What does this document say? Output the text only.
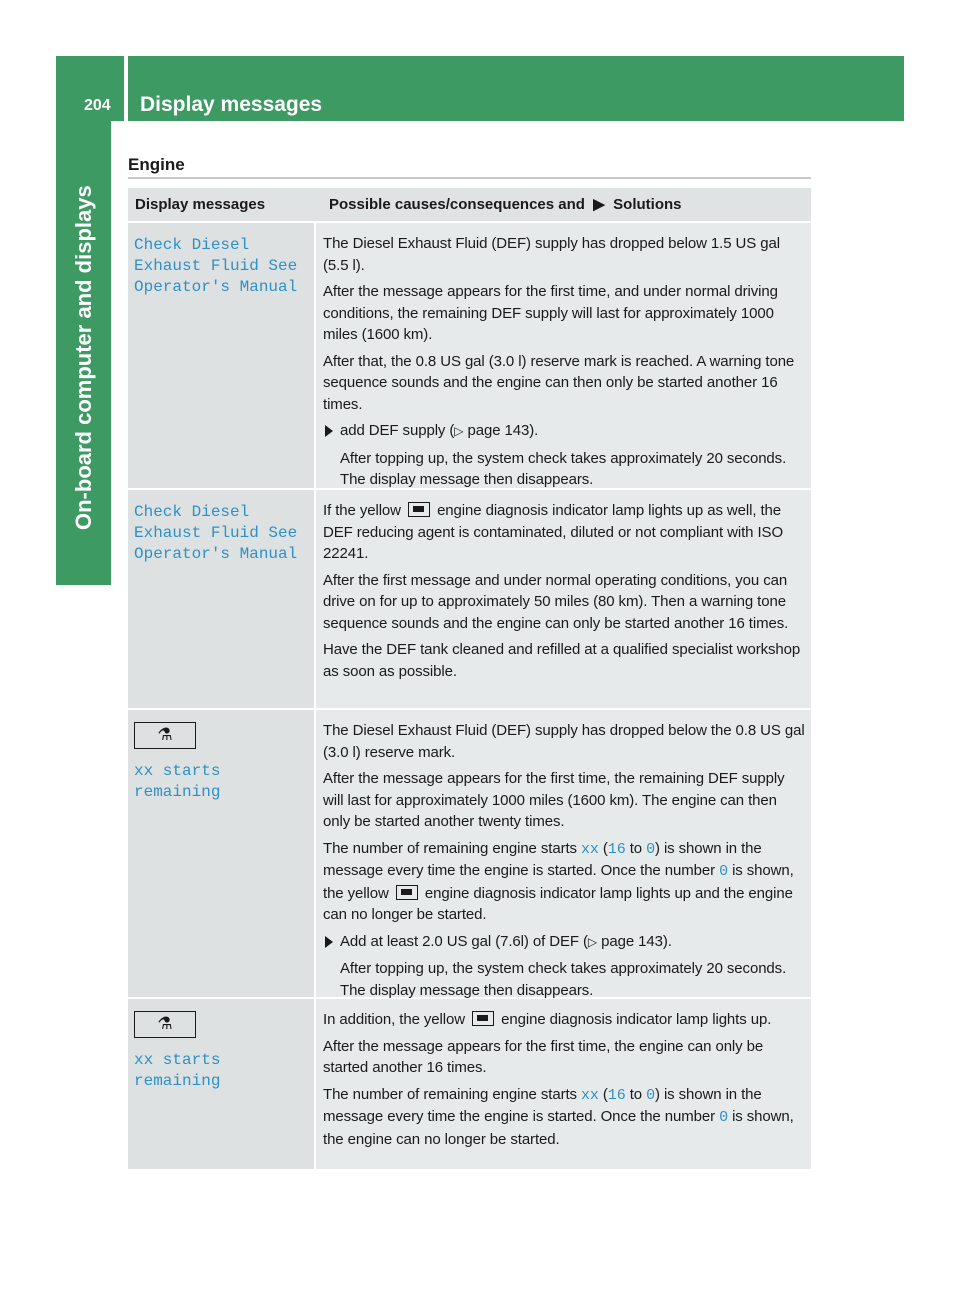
204 Display messages
On-board computer and displays
Engine
Display messages	Possible causes/consequences and  ▶  Solutions
Check Diesel
Exhaust Fluid See
Operator's Manual

The Diesel Exhaust Fluid (DEF) supply has dropped below 1.5 US gal (5.5 l).

After the message appears for the first time, and under normal driving conditions, the remaining DEF supply will last for approximately 1000 miles (1600 km).

After that, the 0.8 US gal (3.0 l) reserve mark is reached. A warning tone sequence sounds and the engine can then only be started another 16 times.

add DEF supply (▷ page 143).

After topping up, the system check takes approximately 20 seconds. The display message then disappears.

Check Diesel
Exhaust Fluid See
Operator's Manual

If the yellow engine diagnosis indicator lamp lights up as well, the DEF reducing agent is contaminated, diluted or not compliant with ISO 22241.

After the first message and under normal operating conditions, you can drive on for up to approximately 50 miles (80 km). Then a warning tone sequence sounds and the engine can only be started another 16 times.

Have the DEF tank cleaned and refilled at a qualified specialist workshop as soon as possible.

⚗
xx starts remaining

The Diesel Exhaust Fluid (DEF) supply has dropped below the 0.8 US gal (3.0 l) reserve mark.

After the message appears for the first time, the remaining DEF supply will last for approximately 1000 miles (1600 km). The engine can then only be started another twenty times.

The number of remaining engine starts xx (16 to 0) is shown in the message every time the engine is started. Once the number 0 is shown, the yellow engine diagnosis indicator lamp lights up and the engine can no longer be started.

Add at least 2.0 US gal (7.6l) of DEF (▷ page 143).

After topping up, the system check takes approximately 20 seconds. The display message then disappears.

⚗
xx starts remaining

In addition, the yellow engine diagnosis indicator lamp lights up.

After the message appears for the first time, the engine can only be started another 16 times.

The number of remaining engine starts xx (16 to 0) is shown in the message every time the engine is started. Once the number 0 is shown, the engine can no longer be started.
